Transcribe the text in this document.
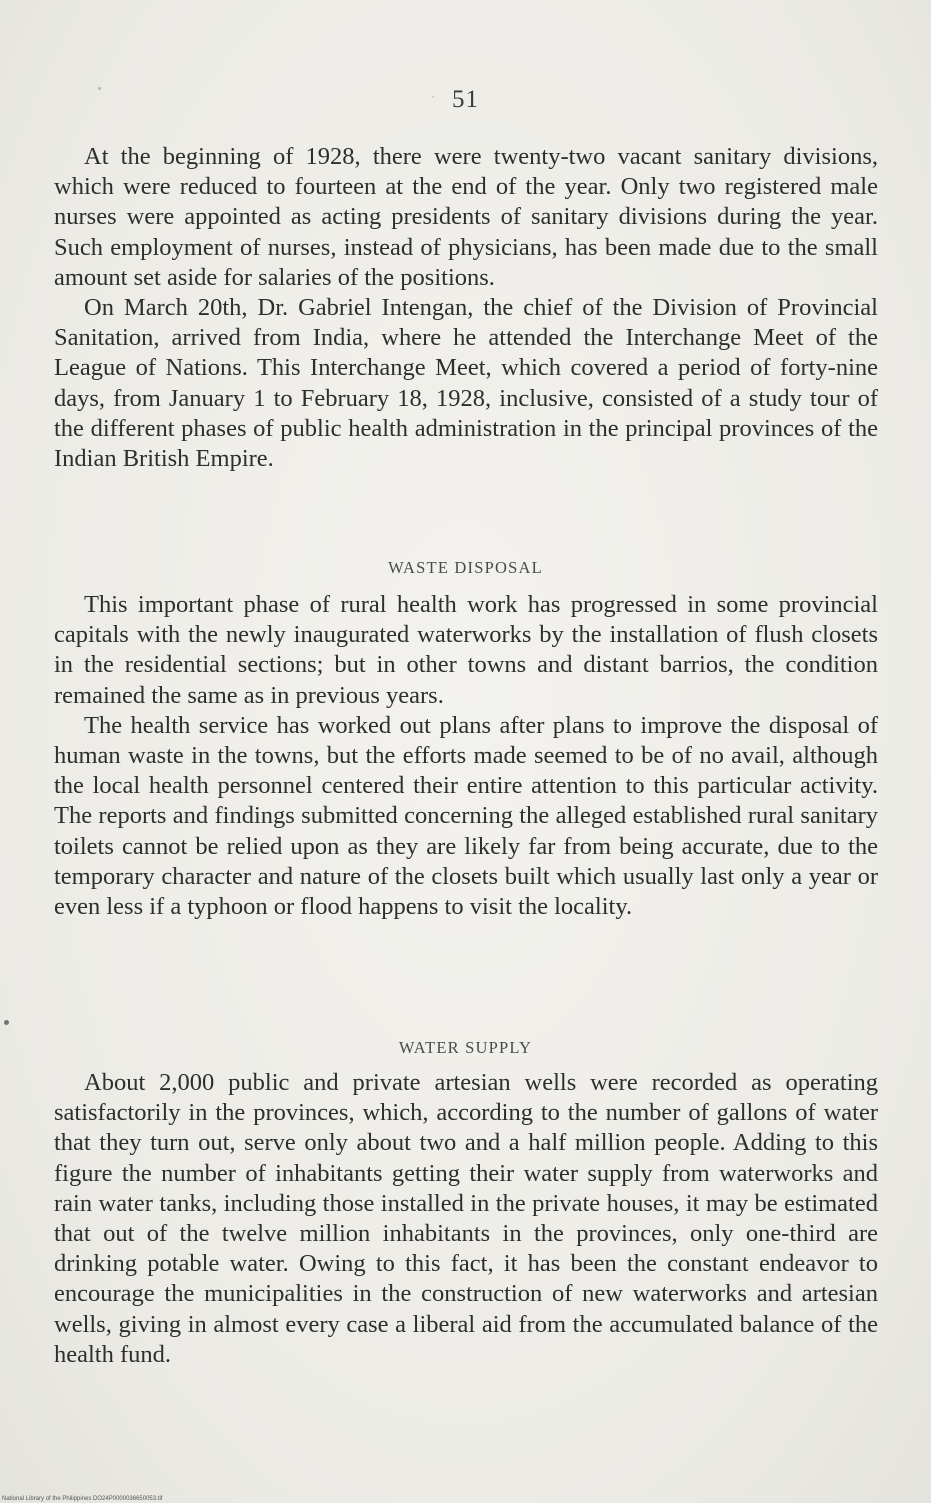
51

At the beginning of 1928, there were twenty-two vacant sanitary divisions, which were reduced to fourteen at the end of the year. Only two registered male nurses were appointed as acting presidents of sanitary divisions during the year. Such employment of nurses, instead of physicians, has been made due to the small amount set aside for salaries of the positions.

On March 20th, Dr. Gabriel Intengan, the chief of the Division of Provincial Sanitation, arrived from India, where he attended the Interchange Meet of the League of Nations. This Interchange Meet, which covered a period of forty-nine days, from January 1 to February 18, 1928, inclusive, consisted of a study tour of the different phases of public health administration in the principal provinces of the Indian British Empire.

WASTE DISPOSAL

This important phase of rural health work has progressed in some provincial capitals with the newly inaugurated waterworks by the installation of flush closets in the residential sections; but in other towns and distant barrios, the condition remained the same as in previous years.

The health service has worked out plans after plans to improve the disposal of human waste in the towns, but the efforts made seemed to be of no avail, although the local health personnel centered their entire attention to this particular activity. The reports and findings submitted concerning the alleged established rural sanitary toilets cannot be relied upon as they are likely far from being accurate, due to the temporary character and nature of the closets built which usually last only a year or even less if a typhoon or flood happens to visit the locality.

WATER SUPPLY

About 2,000 public and private artesian wells were recorded as operating satisfactorily in the provinces, which, according to the number of gallons of water that they turn out, serve only about two and a half million people. Adding to this figure the number of inhabitants getting their water supply from waterworks and rain water tanks, including those installed in the private houses, it may be estimated that out of the twelve million inhabitants in the provinces, only one-third are drinking potable water. Owing to this fact, it has been the constant endeavor to encourage the municipalities in the construction of new waterworks and artesian wells, giving in almost every case a liberal aid from the accumulated balance of the health fund.

National Library of the Philippines DO24P0000036650053.tif
